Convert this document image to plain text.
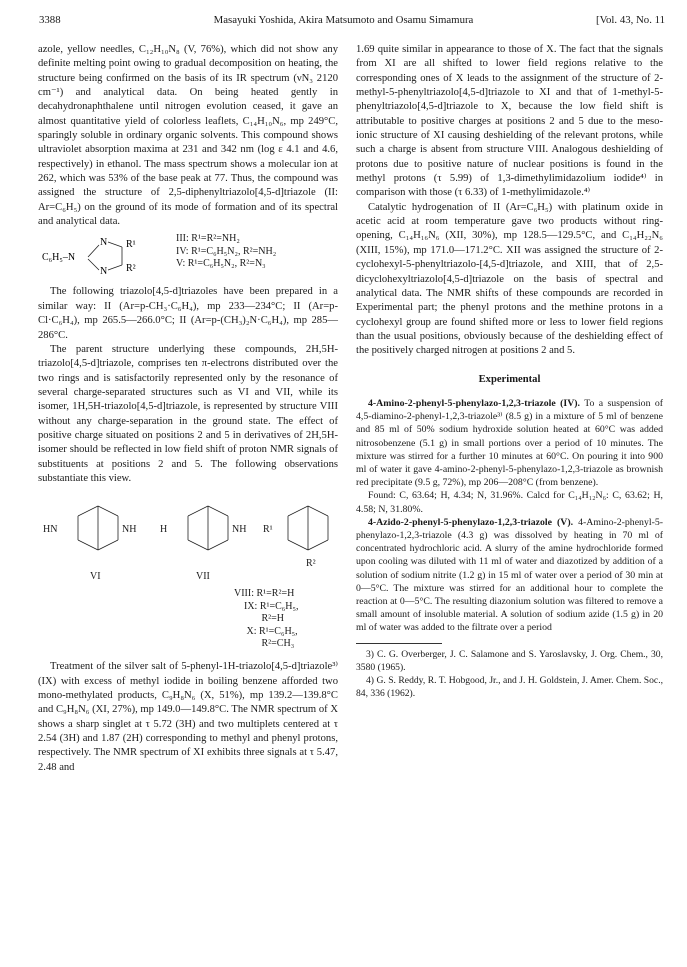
3388	Masayuki Yoshida, Akira Matsumoto and Osamu Simamura	[Vol. 43, No. 11

azole, yellow needles, C₁₂H₁₀N₈ (V, 76%), which did not show any definite melting point owing to gradual decomposition on heating, the structure being confirmed on the basis of its IR spectrum (νN₃ 2120 cm⁻¹) and analytical data. On being heated gently in decahydronaphthalene until nitrogen evolution ceased, it gave an almost quantitative yield of colorless leaflets, C₁₄H₁₀N₆, mp 249°C, sparingly soluble in ordinary organic solvents. This compound shows ultraviolet absorption maxima at 231 and 342 nm (log ε 4.1 and 4.6, respectively) in ethanol. The mass spectrum shows a molecular ion at 262, which was 53% of the base peak at 77. Thus, the compound was assigned the structure of 2,5-diphenyltriazolo[4,5-d]triazole (II: Ar=C₆H₅) on the ground of its mode of formation and of its spectral and analytical data.

C₆H₅–N
N
N
R¹
R²
III: R¹=R²=NH₂
IV: R¹=C₆H₅N₂, R²=NH₂
V: R¹=C₆H₅N₂, R²=N₃

The following triazolo[4,5-d]triazoles have been prepared in a similar way: II (Ar=p-CH₃·C₆H₄), mp 233—234°C; II (Ar=p-Cl·C₆H₄), mp 265.5—266.0°C; II (Ar=p-(CH₃)₂N·C₆H₄), mp 285—286°C.

The parent structure underlying these compounds, 2H,5H-triazolo[4,5-d]triazole, comprises ten π-electrons distributed over the two rings and is satisfactorily represented only by the resonance of several charge-separated structures such as VI and VII, while its isomer, 1H,5H-triazolo[4,5-d]triazole, is represented by structure VIII without any charge-separation in the ground state. The effect of positive charge situated on positions 2 and 5 in derivatives of 2H,5H-isomer should be reflected in low field shift of proton NMR signals of substituents at positions 2 and 5. The following observations substantiate this view.

HN	NH H	NH R¹
R²
VI	VII
VIII: R¹=R²=H
IX: R¹=C₆H₅,
R²=H
X: R¹=C₆H₅,
R²=CH₃

Treatment of the silver salt of 5-phenyl-1H-triazolo[4,5-d]triazole³⁾ (IX) with excess of methyl iodide in boiling benzene afforded two mono-methylated products, C₉H₈N₆ (X, 51%), mp 139.2—139.8°C and C₉H₈N₆ (XI, 27%), mp 149.0—149.8°C. The NMR spectrum of X shows a sharp singlet at τ 5.72 (3H) and two multiplets centered at τ 2.54 (3H) and 1.87 (2H) corresponding to methyl and phenyl protons, respectively. The NMR spectrum of XI exhibits three signals at τ 5.47, 2.48 and

1.69 quite similar in appearance to those of X. The fact that the signals from XI are all shifted to lower field regions relative to the corresponding ones of X leads to the assignment of the structure of 2-methyl-5-phenyltriazolo[4,5-d]triazole to XI and that of 1-methyl-5-phenyltriazolo[4,5-d]triazole to X, because the low field shift is attributable to positive charges at positions 2 and 5 due to the meso-ionic structure of XI causing deshielding of the relevant protons, while such a charge is absent from structure VIII. Analogous deshielding of protons due to positive nature of nuclear positions is found in the methyl protons (τ 5.99) of 1,3-dimethylimidazolium iodide⁴⁾ in comparison with those (τ 6.33) of 1-methylimidazole.⁴⁾

Catalytic hydrogenation of II (Ar=C₆H₅) with platinum oxide in acetic acid at room temperature gave two products without ring-opening, C₁₄H₁₆N₆ (XII, 30%), mp 128.5—129.5°C, and C₁₄H₂₂N₆ (XIII, 15%), mp 171.0—171.2°C. XII was assigned the structure of 2-cyclohexyl-5-phenyltriazolo-[4,5-d]triazole, and XIII, that of 2,5-dicyclohexyltriazolo[4,5-d]triazole on the basis of spectral and analytical data. The NMR shifts of these compounds are recorded in Experimental part; the phenyl protons and the methine protons in a cyclohexyl group are found shifted more or less to lower field regions than the usual positions, obviously because of the deshielding effect of the positively charged nitrogen at positions 2 and 5.

Experimental

4-Amino-2-phenyl-5-phenylazo-1,2,3-triazole (IV). To a suspension of 4,5-diamino-2-phenyl-1,2,3-triazole³⁾ (8.5 g) in a mixture of 5 ml of benzene and 85 ml of 50% sodium hydroxide solution heated at 60°C was added nitrosobenzene (5.1 g) in small portions over a period of 10 minutes. The mixture was stirred for a further 10 minutes at 60°C. On pouring it into 900 ml of water it gave 4-amino-2-phenyl-5-phenylazo-1,2,3-triazole as brownish red precipitate (9.5 g, 72%), mp 206—208°C (from benzene).

Found: C, 63.64; H, 4.34; N, 31.96%. Calcd for C₁₄H₁₂N₆: C, 63.62; H, 4.58; N, 31.80%.

4-Azido-2-phenyl-5-phenylazo-1,2,3-triazole (V). 4-Amino-2-phenyl-5-phenylazo-1,2,3-triazole (4.3 g) was dissolved by heating in 70 ml of concentrated hydrochloric acid. A slurry of the amine hydrochloride formed upon cooling was diluted with 11 ml of water and diazotized by addition of a solution of sodium nitrite (1.2 g) in 15 ml of water over a period of 30 min at 0—5°C. The mixture was stirred for an additional hour to complete the reaction at 0—5°C. The resulting diazonium solution was filtered to remove a small amount of insoluble material. A solution of sodium azide (1.5 g) in 20 ml of water was added to the filtrate over a period

3) C. G. Overberger, J. C. Salamone and S. Yaroslavsky, J. Org. Chem., 30, 3580 (1965).

4) G. S. Reddy, R. T. Hobgood, Jr., and J. H. Goldstein, J. Amer. Chem. Soc., 84, 336 (1962).
